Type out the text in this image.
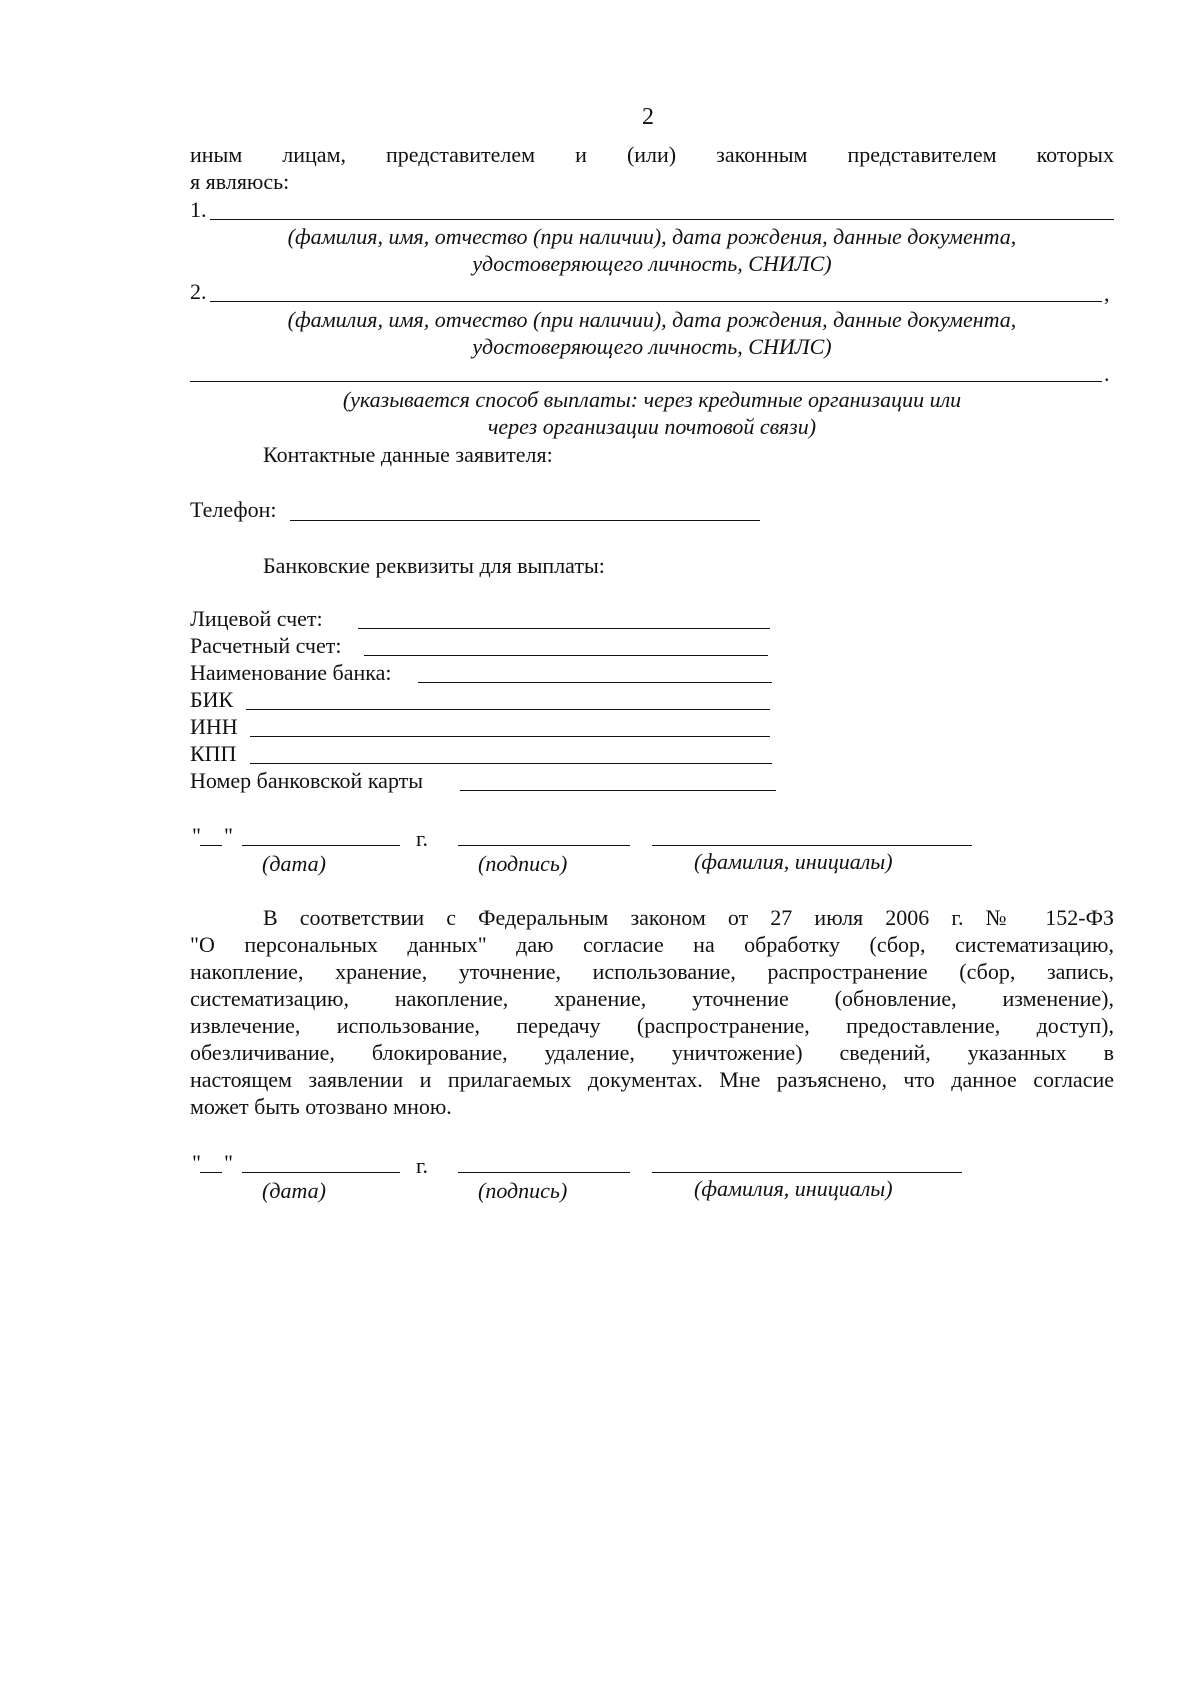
2
иным лицам, представителем и (или) законным представителем которых
я являюсь:
1.
(фамилия, имя, отчество (при наличии), дата рождения, данные документа,
удостоверяющего личность, СНИЛС)
2.	,
(фамилия, имя, отчество (при наличии), дата рождения, данные документа,
удостоверяющего личность, СНИЛС)
.
(указывается способ выплаты: через кредитные организации или
через организации почтовой связи)
Контактные данные заявителя:
Телефон:
Банковские реквизиты для выплаты:
Лицевой счет:
Расчетный счет:
Наименование банка:
БИК
ИНН
КПП
Номер банковской карты
" "	г.
(дата)	(подпись)	(фамилия, инициалы)
В соответствии с Федеральным законом от 27 июля 2006 г. № 152-ФЗ
"О персональных данных" даю согласие на обработку (сбор, систематизацию,
накопление, хранение, уточнение, использование, распространение (сбор, запись,
систематизацию, накопление, хранение, уточнение (обновление, изменение),
извлечение, использование, передачу (распространение, предоставление, доступ),
обезличивание, блокирование, удаление, уничтожение) сведений, указанных в
настоящем заявлении и прилагаемых документах. Мне разъяснено, что данное согласие
может быть отозвано мною.
" "	г.
(дата)	(подпись)	(фамилия, инициалы)
